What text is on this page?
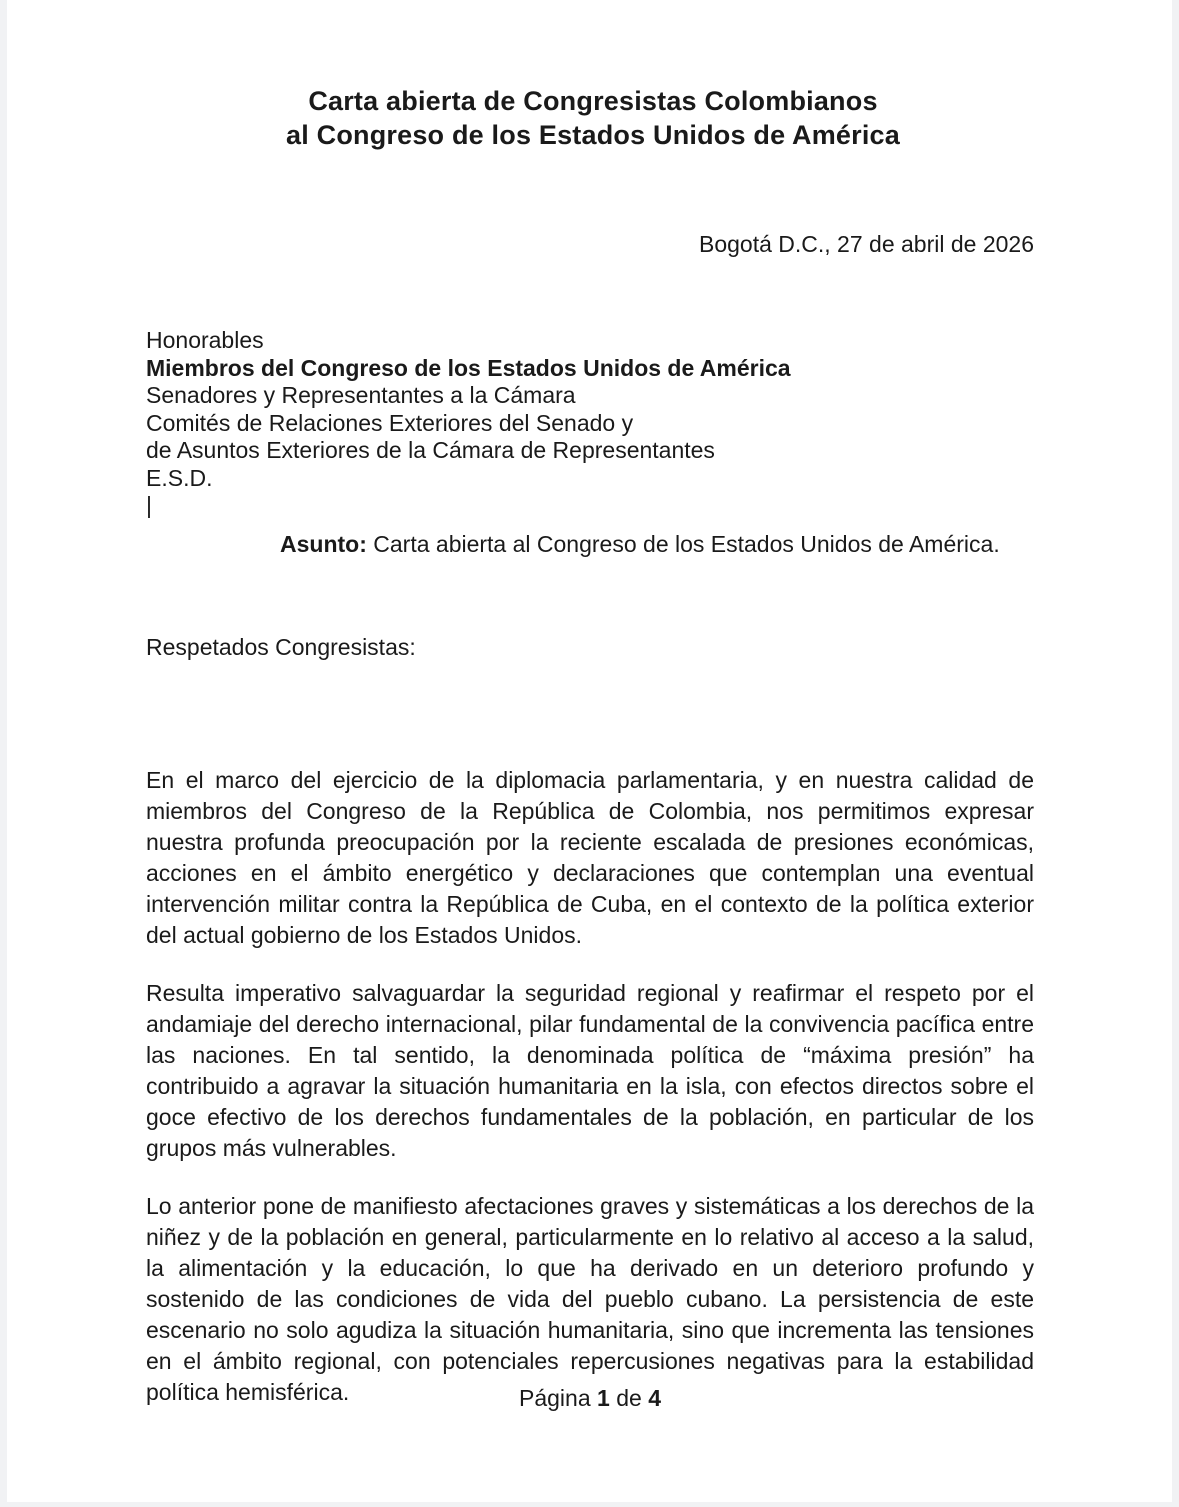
Carta abierta de Congresistas Colombianos
al Congreso de los Estados Unidos de América
Bogotá D.C., 27 de abril de 2026
Honorables
Miembros del Congreso de los Estados Unidos de América
Senadores y Representantes a la Cámara
Comités de Relaciones Exteriores del Senado y
de Asuntos Exteriores de la Cámara de Representantes
E.S.D.
|
Asunto: Carta abierta al Congreso de los Estados Unidos de América.
Respetados Congresistas:

En el marco del ejercicio de la diplomacia parlamentaria, y en nuestra calidad de miembros del Congreso de la República de Colombia, nos permitimos expresar nuestra profunda preocupación por la reciente escalada de presiones económicas, acciones en el ámbito energético y declaraciones que contemplan una eventual intervención militar contra la República de Cuba, en el contexto de la política exterior del actual gobierno de los Estados Unidos.

Resulta imperativo salvaguardar la seguridad regional y reafirmar el respeto por el andamiaje del derecho internacional, pilar fundamental de la convivencia pacífica entre las naciones. En tal sentido, la denominada política de “máxima presión” ha contribuido a agravar la situación humanitaria en la isla, con efectos directos sobre el goce efectivo de los derechos fundamentales de la población, en particular de los grupos más vulnerables.

Lo anterior pone de manifiesto afectaciones graves y sistemáticas a los derechos de la niñez y de la población en general, particularmente en lo relativo al acceso a la salud, la alimentación y la educación, lo que ha derivado en un deterioro profundo y sostenido de las condiciones de vida del pueblo cubano. La persistencia de este escenario no solo agudiza la situación humanitaria, sino que incrementa las tensiones en el ámbito regional, con potenciales repercusiones negativas para la estabilidad política hemisférica.	Página 1 de 4
